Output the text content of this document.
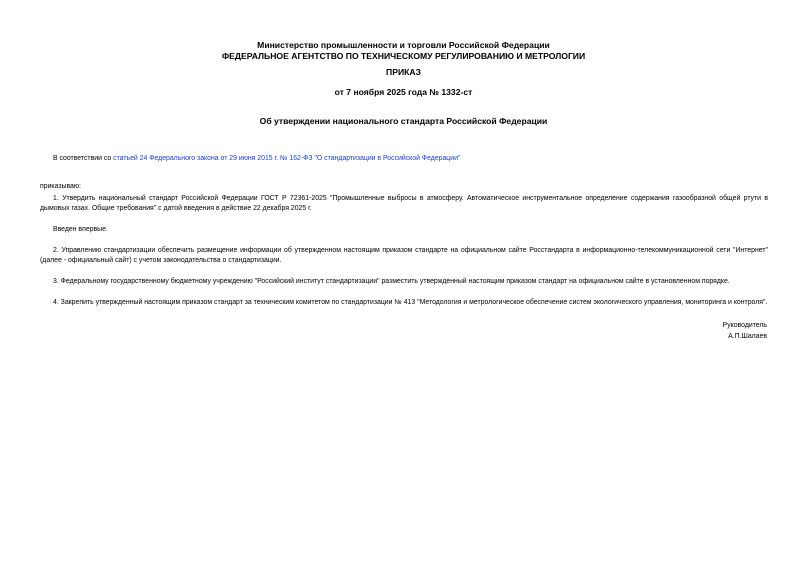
Министерство промышленности и торговли Российской Федерации
ФЕДЕРАЛЬНОЕ АГЕНТСТВО ПО ТЕХНИЧЕСКОМУ РЕГУЛИРОВАНИЮ И МЕТРОЛОГИИ
ПРИКАЗ
от 7 ноября 2025 года № 1332-ст
Об утверждении национального стандарта Российской Федерации

В соответствии со статьей 24 Федерального закона от 29 июня 2015 г. № 162-ФЗ "О стандартизации в Российской Федерации"

приказываю:

1. Утвердить национальный стандарт Российской Федерации ГОСТ Р 72361-2025 "Промышленные выбросы в атмосферу. Автоматическое инструментальное определение содержания газообразной общей ртути в дымовых газах. Общие требования" с датой введения в действие 22 декабря 2025 г.

Введен впервые.

2. Управлению стандартизации обеспечить размещение информации об утвержденном настоящим приказом стандарте на официальном сайте Росстандарта в информационно-телекоммуникационной сети "Интернет" (далее - официальный сайт) с учетом законодательства о стандартизации.

3. Федеральному государственному бюджетному учреждению "Российский институт стандартизации" разместить утвержденный настоящим приказом стандарт на официальном сайте в установленном порядке.

4. Закрепить утвержденный настоящим приказом стандарт за техническим комитетом по стандартизации № 413 "Методология и метрологическое обеспечение систем экологического управления, мониторинга и контроля".

Руководитель
А.П.Шалаев
